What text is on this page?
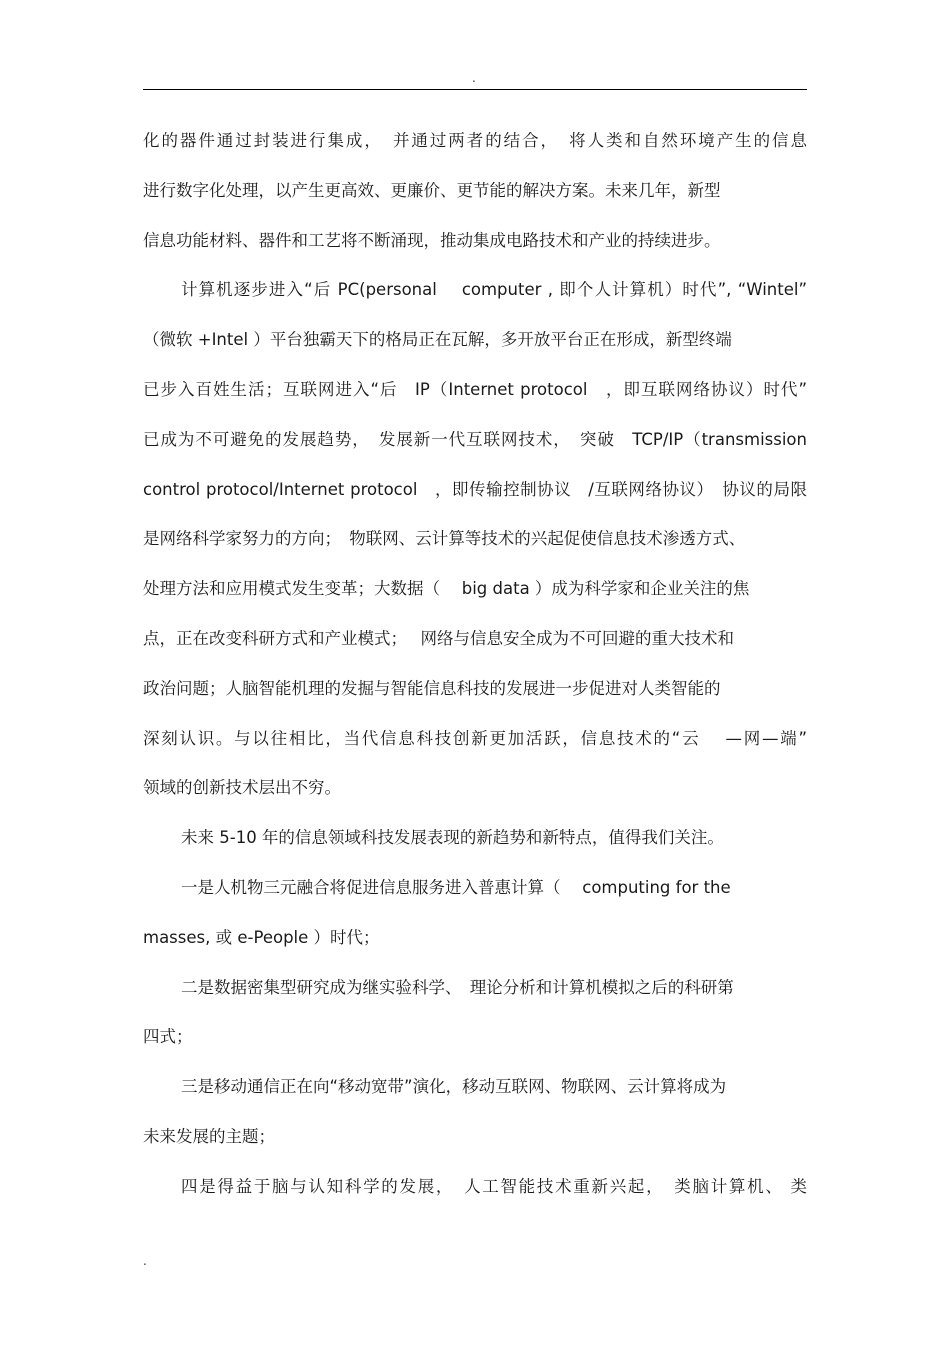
.
化的器件通过封装进行集成，　并通过两者的结合，　将人类和自然环境产生的信息
进行数字化处理，以产生更高效、更廉价、更节能的解决方案。未来几年，新型
信息功能材料、器件和工艺将不断涌现，推动集成电路技术和产业的持续进步。
计算机逐步进入“后 PC(personal　 computer , 即个人计算机）时代”, “Wintel”
（微软 +Intel ）平台独霸天下的格局正在瓦解，多开放平台正在形成，新型终端
已步入百姓生活；互联网进入“后　IP（Internet protocol　，即互联网络协议）时代”
已成为不可避免的发展趋势，　发展新一代互联网技术，　突破　TCP/IP（transmission
control protocol/Internet protocol　，即传输控制协议　/互联网络协议）　协议的局限
是网络科学家努力的方向；　物联网、云计算等技术的兴起促使信息技术渗透方式、
处理方法和应用模式发生变革；大数据（　 big data ）成为科学家和企业关注的焦
点，正在改变科研方式和产业模式；　 网络与信息安全成为不可回避的重大技术和
政治问题；人脑智能机理的发掘与智能信息科技的发展进一步促进对人类智能的
深刻认识。与以往相比，当代信息科技创新更加活跃，信息技术的“云　 —网—端”
领域的创新技术层出不穷。
未来 5-10 年的信息领域科技发展表现的新趋势和新特点，值得我们关注。
一是人机物三元融合将促进信息服务进入普惠计算（　 computing for the
masses, 或 e-People ）时代；
二是数据密集型研究成为继实验科学、　理论分析和计算机模拟之后的科研第
四式；
三是移动通信正在向“移动宽带”演化，移动互联网、物联网、云计算将成为
未来发展的主题；
四是得益于脑与认知科学的发展，　人工智能技术重新兴起，　类脑计算机、 类
.
